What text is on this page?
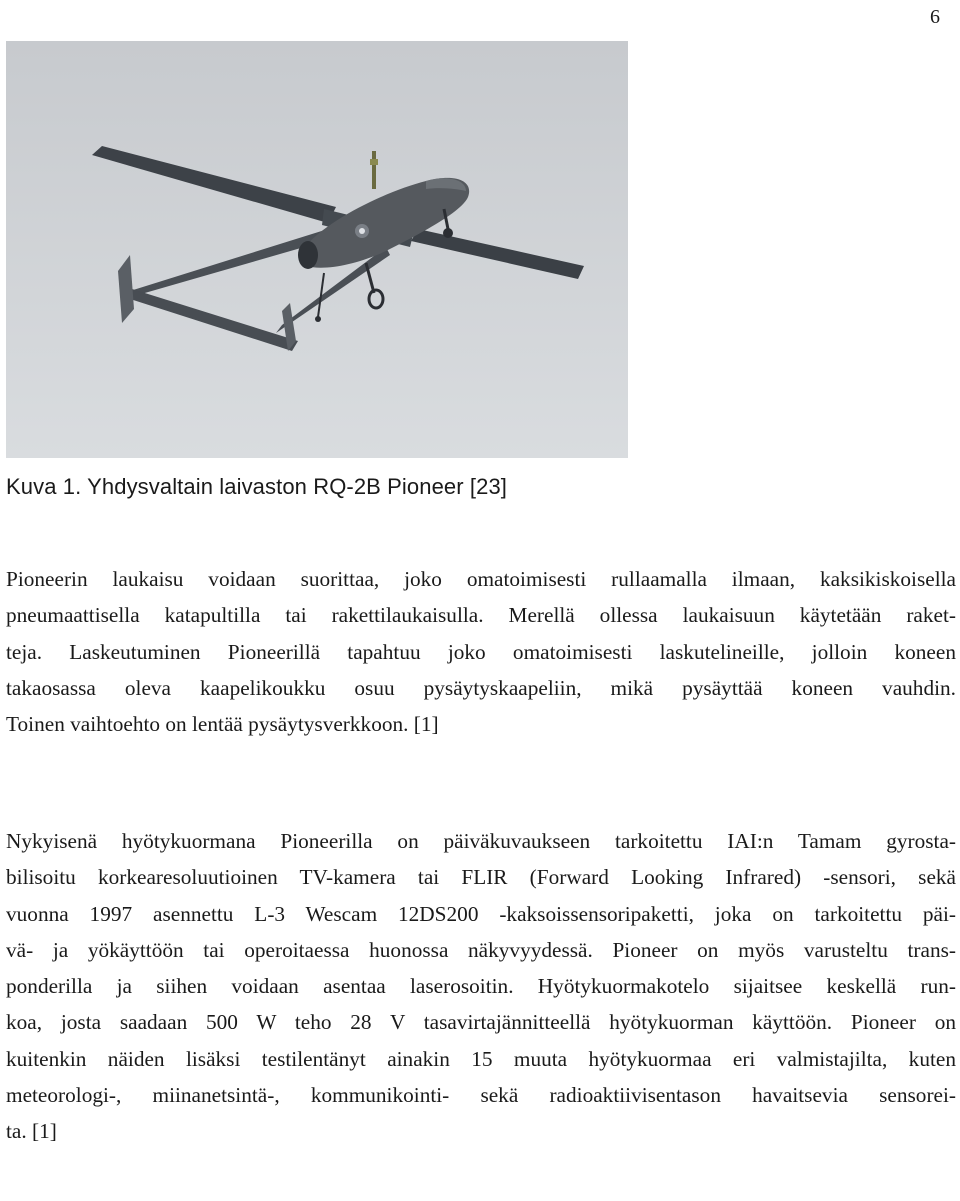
6
Kuva 1. Yhdysvaltain laivaston RQ-2B Pioneer [23]

Pioneerin laukaisu voidaan suorittaa, joko omatoimisesti rullaamalla ilmaan, kaksikiskoisella
pneumaattisella katapultilla tai rakettilaukaisulla. Merellä ollessa laukaisuun käytetään raket-
teja. Laskeutuminen Pioneerillä tapahtuu joko omatoimisesti laskutelineille, jolloin koneen
takaosassa oleva kaapelikoukku osuu pysäytyskaapeliin, mikä pysäyttää koneen vauhdin.
Toinen vaihtoehto on lentää pysäytysverkkoon. [1]

Nykyisenä hyötykuormana Pioneerilla on päiväkuvaukseen tarkoitettu IAI:n Tamam gyrosta-
bilisoitu korkearesoluutioinen TV-kamera tai FLIR (Forward Looking Infrared) -sensori, sekä
vuonna 1997 asennettu L-3 Wescam 12DS200 -kaksoissensoripaketti, joka on tarkoitettu päi-
vä- ja yökäyttöön tai operoitaessa huonossa näkyvyydessä. Pioneer on myös varusteltu trans-
ponderilla ja siihen voidaan asentaa laserosoitin. Hyötykuormakotelo sijaitsee keskellä run-
koa, josta saadaan 500 W teho 28 V tasavirtajännitteellä hyötykuorman käyttöön. Pioneer on
kuitenkin näiden lisäksi testilentänyt ainakin 15 muuta hyötykuormaa eri valmistajilta, kuten
meteorologi-, miinanetsintä-, kommunikointi- sekä radioaktiivisentason havaitsevia sensorei-
ta. [1]
